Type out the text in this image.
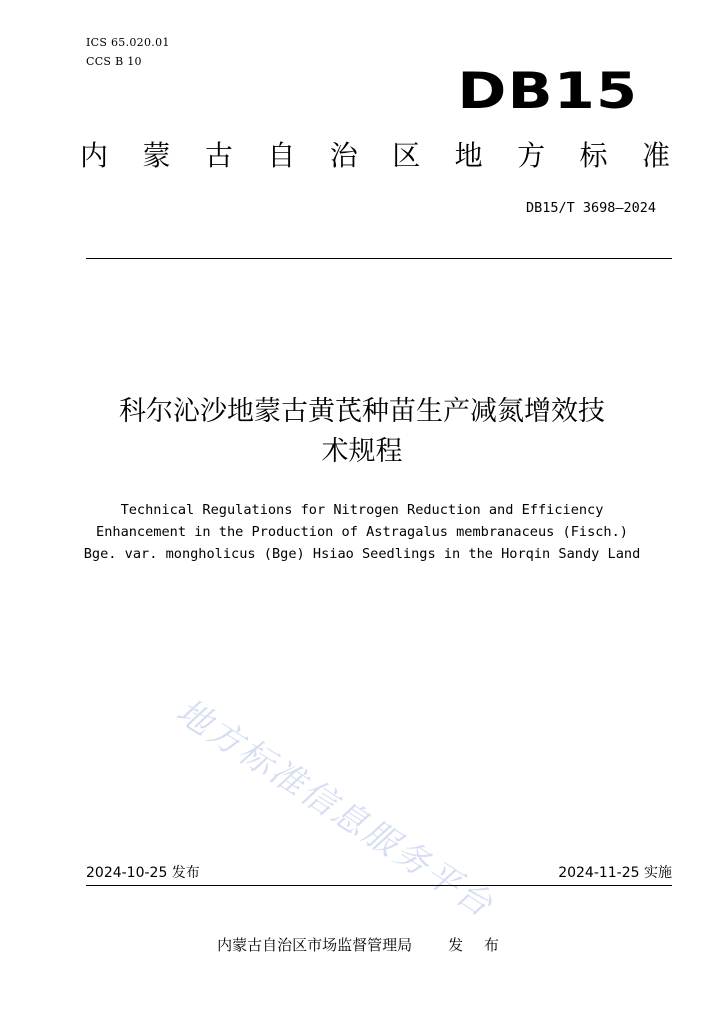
ICS 65.020.01
CCS B 10
DB15
内 蒙 古 自 治 区 地 方 标 准
DB15/T 3698—2024
科尔沁沙地蒙古黄芪种苗生产减氮增效技
术规程
Technical Regulations for Nitrogen Reduction and Efficiency
Enhancement in the Production of Astragalus membranaceus (Fisch.)
Bge. var. mongholicus (Bge) Hsiao Seedlings in the Horqin Sandy Land
地方标准信息服务平台
2024-10-25 发布	2024-11-25 实施
内蒙古自治区市场监督管理局 发 布
